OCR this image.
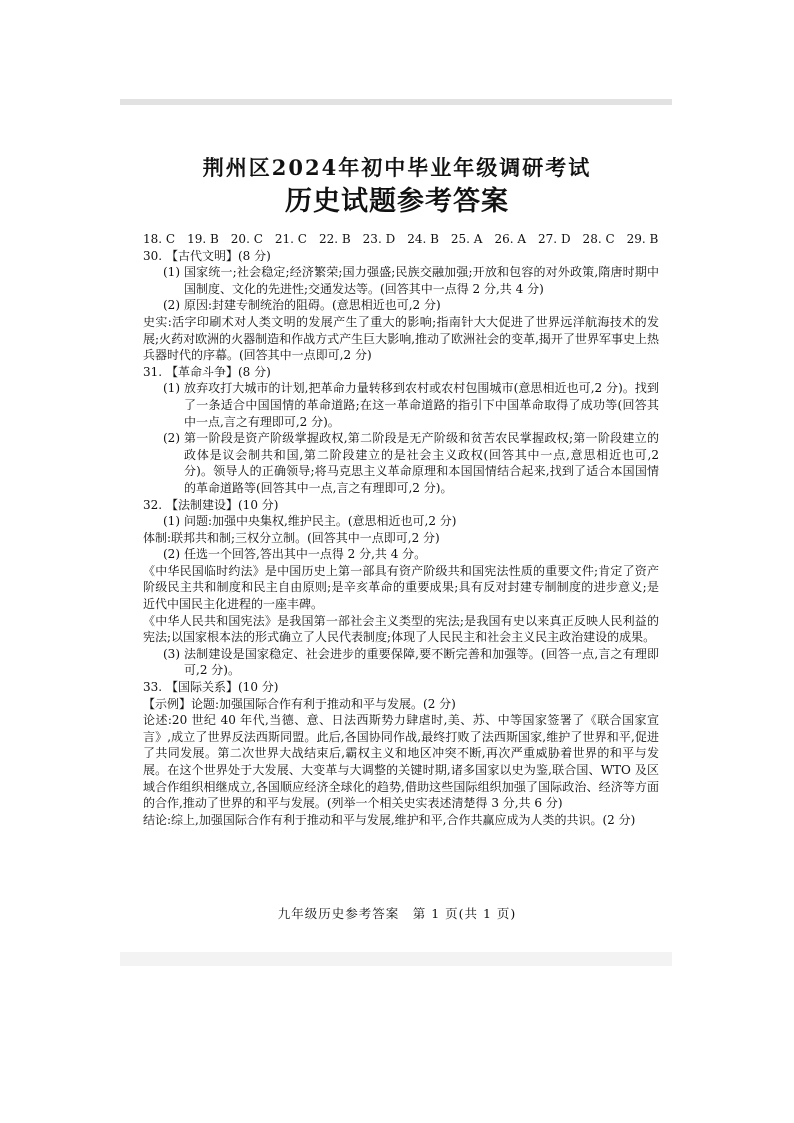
荆州区2024年初中毕业年级调研考试
历史试题参考答案

18. C　19. B　20. C　21. C　22. B　23. D　24. B　25. A　26. A　27. D　28. C　29. B

30. 【古代文明】(8 分)
(1) 国家统一;社会稳定;经济繁荣;国力强盛;民族交融加强;开放和包容的对外政策,隋唐时期中国制度、文化的先进性;交通发达等。(回答其中一点得 2 分,共 4 分)
(2) 原因:封建专制统治的阻碍。(意思相近也可,2 分)

史实:活字印刷术对人类文明的发展产生了重大的影响;指南针大大促进了世界远洋航海技术的发展;火药对欧洲的火器制造和作战方式产生巨大影响,推动了欧洲社会的变革,揭开了世界军事史上热兵器时代的序幕。(回答其中一点即可,2 分)

31. 【革命斗争】(8 分)
(1) 放弃攻打大城市的计划,把革命力量转移到农村或农村包围城市(意思相近也可,2 分)。找到了一条适合中国国情的革命道路;在这一革命道路的指引下中国革命取得了成功等(回答其中一点,言之有理即可,2 分)。
(2) 第一阶段是资产阶级掌握政权,第二阶段是无产阶级和贫苦农民掌握政权;第一阶段建立的政体是议会制共和国,第二阶段建立的是社会主义政权(回答其中一点,意思相近也可,2 分)。领导人的正确领导;将马克思主义革命原理和本国国情结合起来,找到了适合本国国情的革命道路等(回答其中一点,言之有理即可,2 分)。
32. 【法制建设】(10 分)
(1) 问题:加强中央集权,维护民主。(意思相近也可,2 分)

体制:联邦共和制;三权分立制。(回答其中一点即可,2 分)

(2) 任选一个回答,答出其中一点得 2 分,共 4 分。

《中华民国临时约法》是中国历史上第一部具有资产阶级共和国宪法性质的重要文件;肯定了资产阶级民主共和制度和民主自由原则;是辛亥革命的重要成果;具有反对封建专制制度的进步意义;是近代中国民主化进程的一座丰碑。

《中华人民共和国宪法》是我国第一部社会主义类型的宪法;是我国有史以来真正反映人民利益的宪法;以国家根本法的形式确立了人民代表制度;体现了人民民主和社会主义民主政治建设的成果。

(3) 法制建设是国家稳定、社会进步的重要保障,要不断完善和加强等。(回答一点,言之有理即可,2 分)。
33. 【国际关系】(10 分)

【示例】论题:加强国际合作有利于推动和平与发展。(2 分)

论述:20 世纪 40 年代,当德、意、日法西斯势力肆虐时,美、苏、中等国家签署了《联合国家宣言》,成立了世界反法西斯同盟。此后,各国协同作战,最终打败了法西斯国家,维护了世界和平,促进了共同发展。第二次世界大战结束后,霸权主义和地区冲突不断,再次严重威胁着世界的和平与发展。在这个世界处于大发展、大变革与大调整的关键时期,诸多国家以史为鉴,联合国、WTO 及区域合作组织相继成立,各国顺应经济全球化的趋势,借助这些国际组织加强了国际政治、经济等方面的合作,推动了世界的和平与发展。(列举一个相关史实表述清楚得 3 分,共 6 分)

结论:综上,加强国际合作有利于推动和平与发展,维护和平,合作共赢应成为人类的共识。(2 分)

九年级历史参考答案　第 1 页(共 1 页)
